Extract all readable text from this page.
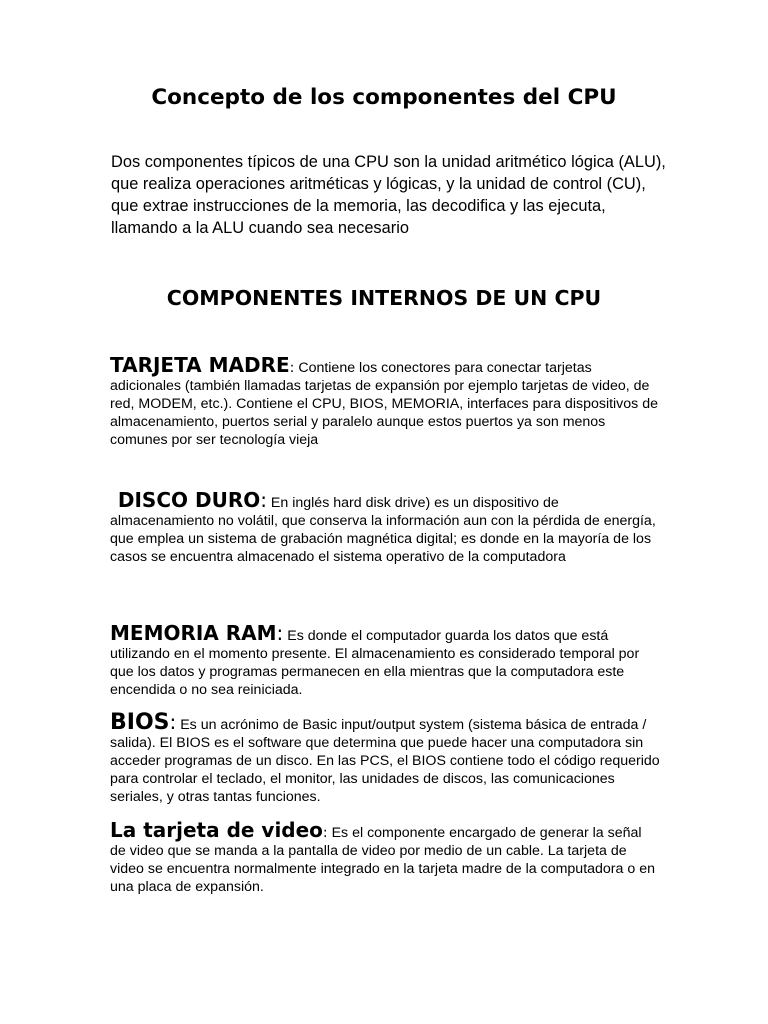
Concepto de los componentes del CPU
Dos componentes típicos de una CPU son la unidad aritmético lógica (ALU), que realiza operaciones aritméticas y lógicas, y la unidad de control (CU), que extrae instrucciones de la memoria, las decodifica y las ejecuta, llamando a la ALU cuando sea necesario
COMPONENTES INTERNOS DE UN CPU
TARJETA MADRE: Contiene los conectores para conectar tarjetas adicionales (también llamadas tarjetas de expansión por ejemplo tarjetas de video, de red, MODEM, etc.). Contiene el CPU, BIOS, MEMORIA, interfaces para dispositivos de almacenamiento, puertos serial y paralelo aunque estos puertos ya son menos comunes por ser tecnología vieja
DISCO DURO: En inglés hard disk drive) es un dispositivo de almacenamiento no volátil, que conserva la información aun con la pérdida de energía, que emplea un sistema de grabación magnética digital; es donde en la mayoría de los casos se encuentra almacenado el sistema operativo de la computadora
MEMORIA RAM: Es donde el computador guarda los datos que está utilizando en el momento presente. El almacenamiento es considerado temporal por que los datos y programas permanecen en ella mientras que la computadora este encendida o no sea reiniciada.
BIOS: Es un acrónimo de Basic input/output system (sistema básica de entrada / salida). El BIOS es el software que determina que puede hacer una computadora sin acceder programas de un disco. En las PCS, el BIOS contiene todo el código requerido para controlar el teclado, el monitor, las unidades de discos, las comunicaciones seriales, y otras tantas funciones.
La tarjeta de video: Es el componente encargado de generar la señal de video que se manda a la pantalla de video por medio de un cable. La tarjeta de video se encuentra normalmente integrado en la tarjeta madre de la computadora o en una placa de expansión.
